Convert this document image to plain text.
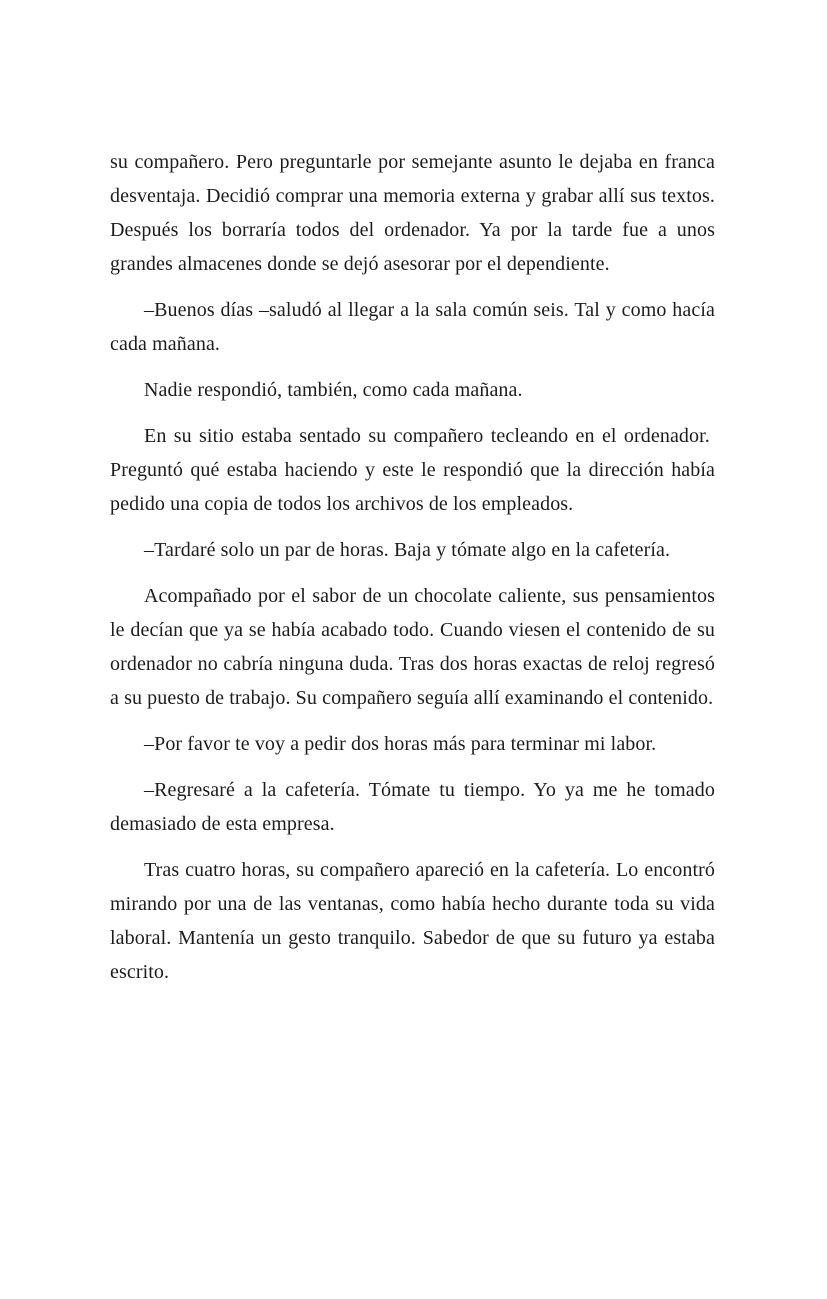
su compañero. Pero preguntarle por semejante asunto le dejaba en franca desventaja. Decidió comprar una memoria externa y grabar allí sus textos. Después los borraría todos del ordenador. Ya por la tarde fue a unos grandes almacenes donde se dejó asesorar por el dependiente.

–Buenos días –saludó al llegar a la sala común seis. Tal y como hacía cada mañana.

Nadie respondió, también, como cada mañana.

En su sitio estaba sentado su compañero tecleando en el ordenador.  Preguntó qué estaba haciendo y este le respondió que la dirección había pedido una copia de todos los archivos de los empleados.

–Tardaré solo un par de horas. Baja y tómate algo en la cafetería.

Acompañado por el sabor de un chocolate caliente, sus pensamientos le decían que ya se había acabado todo. Cuando viesen el contenido de su ordenador no cabría ninguna duda. Tras dos horas exactas de reloj regresó a su puesto de trabajo. Su compañero seguía allí examinando el contenido.

–Por favor te voy a pedir dos horas más para terminar mi labor.

–Regresaré a la cafetería. Tómate tu tiempo. Yo ya me he tomado demasiado de esta empresa.

Tras cuatro horas, su compañero apareció en la cafetería. Lo encontró mirando por una de las ventanas, como había hecho durante toda su vida laboral. Mantenía un gesto tranquilo. Sabedor de que su futuro ya estaba escrito.
